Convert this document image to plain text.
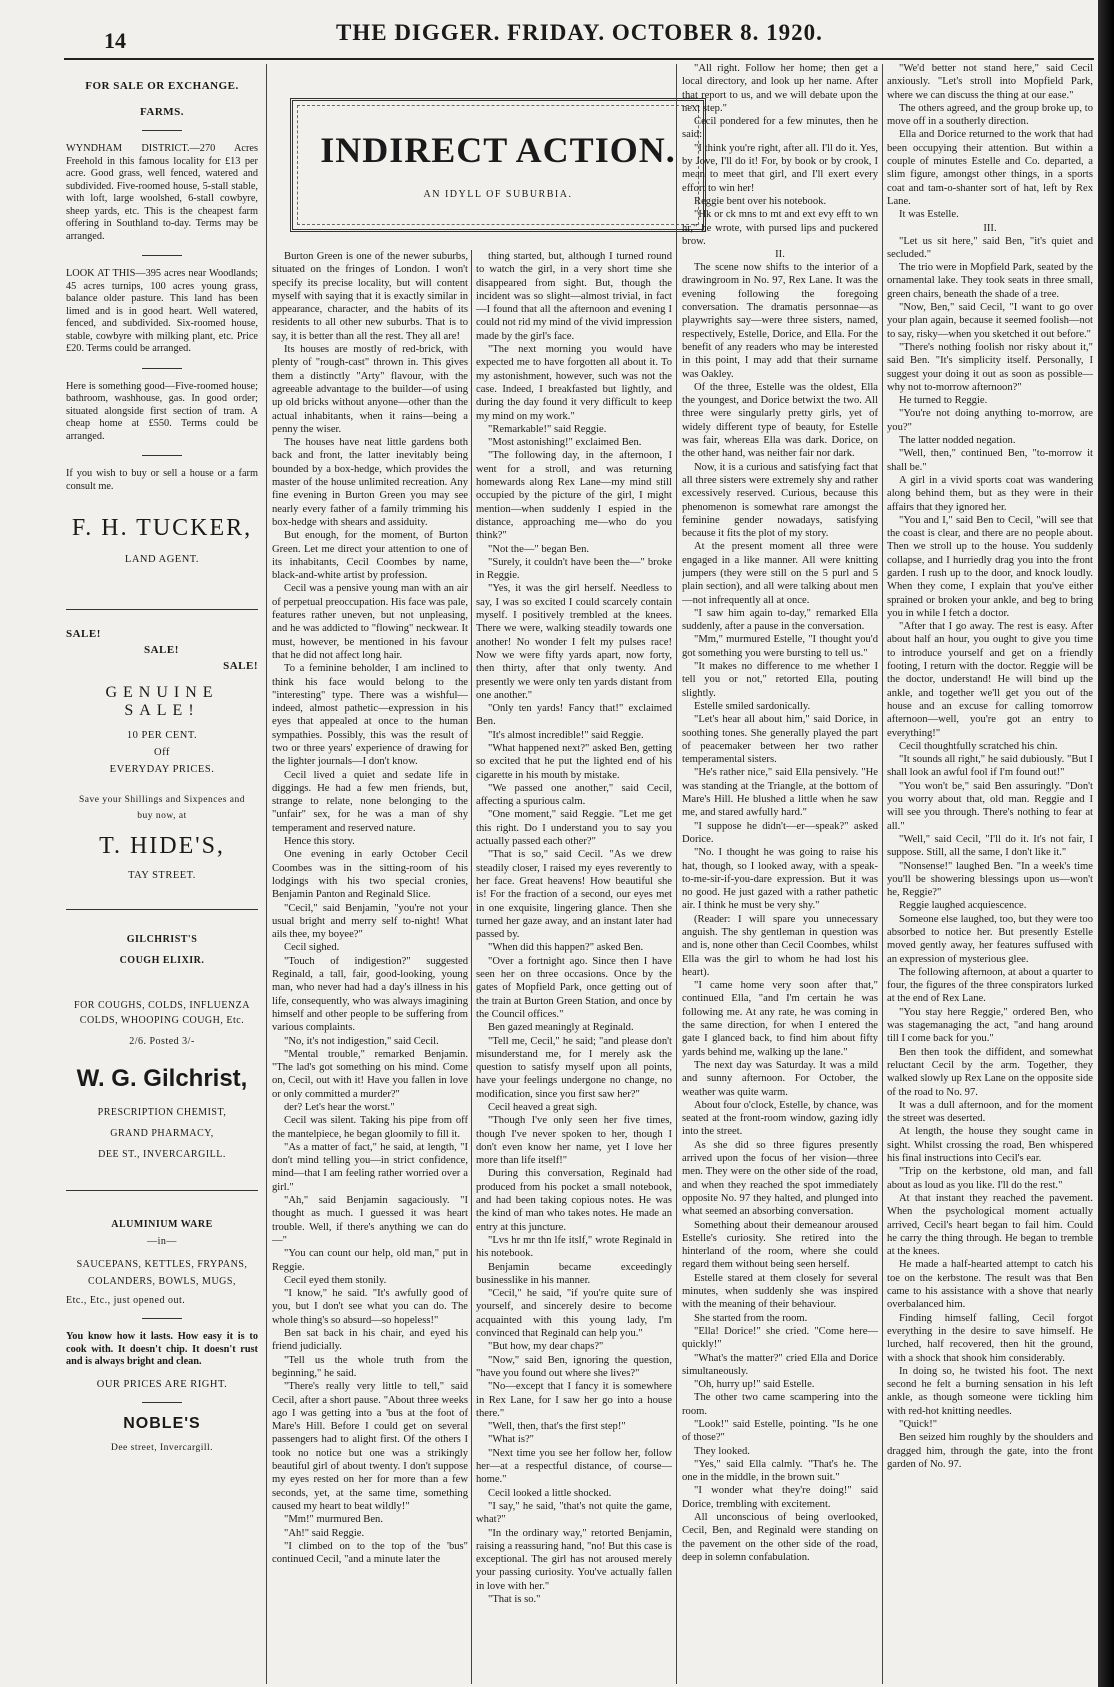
14	THE DIGGER. FRIDAY. OCTOBER 8. 1920.

FOR SALE OR EXCHANGE.

FARMS.

WYNDHAM DISTRICT.—270 Acres Freehold in this famous locality for £13 per acre. Good grass, well fenced, watered and subdivided. Five-roomed house, 5-stall stable, with loft, large woolshed, 6-stall cowbyre, sheep yards, etc. This is the cheapest farm offering in Southland to-day. Terms may be arranged.

LOOK AT THIS—395 acres near Woodlands; 45 acres turnips, 100 acres young grass, balance older pasture. This land has been limed and is in good heart. Well watered, fenced, and subdivided. Six-roomed house, stable, cowbyre with milking plant, etc. Price £20. Terms could be arranged.

Here is something good—Five-roomed house; bathroom, washhouse, gas. In good order; situated alongside first section of tram. A cheap home at £550. Terms could be arranged.

If you wish to buy or sell a house or a farm consult me.

F. H. TUCKER,

LAND AGENT.

SALE!

SALE!

SALE!

GENUINE SALE!

10 PER CENT.

Off

EVERYDAY PRICES.

Save your Shillings and Sixpences and

buy now, at

T. HIDE'S,

TAY STREET.

GILCHRIST'S

COUGH ELIXIR.

FOR COUGHS, COLDS, INFLUENZA

COLDS, WHOOPING COUGH, Etc.

2/6. Posted 3/-

W. G. Gilchrist,

PRESCRIPTION CHEMIST,

GRAND PHARMACY,

DEE ST., INVERCARGILL.

ALUMINIUM WARE

—in—

SAUCEPANS, KETTLES, FRYPANS,

COLANDERS, BOWLS, MUGS,

Etc., Etc., just opened out.

You know how it lasts. How easy it is to cook with. It doesn't chip. It doesn't rust and is always bright and clean.

OUR PRICES ARE RIGHT.

NOBLE'S

Dee street, Invercargill.

INDIRECT ACTION.
AN IDYLL OF SUBURBIA.

Burton Green is one of the newer suburbs, situated on the fringes of London. I won't specify its precise locality, but will content myself with saying that it is exactly similar in appearance, character, and the habits of its residents to all other new suburbs. That is to say, it is better than all the rest. They all are!

Its houses are mostly of red-brick, with plenty of "rough-cast" thrown in. This gives them a distinctly "Arty" flavour, with the agreeable advantage to the builder—of using up old bricks without anyone—other than the actual inhabitants, when it rains—being a penny the wiser.

The houses have neat little gardens both back and front, the latter inevitably being bounded by a box-hedge, which provides the master of the house unlimited recreation. Any fine evening in Burton Green you may see nearly every father of a family trimming his box-hedge with shears and assiduity.

But enough, for the moment, of Burton Green. Let me direct your attention to one of its inhabitants, Cecil Coombes by name, black-and-white artist by profession.

Cecil was a pensive young man with an air of perpetual preoccupation. His face was pale, features rather uneven, but not unpleasing, and he was addicted to "flowing" neckwear. It must, however, be mentioned in his favour that he did not affect long hair.

To a feminine beholder, I am inclined to think his face would belong to the "interesting" type. There was a wishful—indeed, almost pathetic—expression in his eyes that appealed at once to the human sympathies. Possibly, this was the result of two or three years' experience of drawing for the lighter journals—I don't know.

Cecil lived a quiet and sedate life in diggings. He had a few men friends, but, strange to relate, none belonging to the "unfair" sex, for he was a man of shy temperament and reserved nature.

Hence this story.

One evening in early October Cecil Coombes was in the sitting-room of his lodgings with his two special cronies, Benjamin Panton and Reginald Slice.

"Cecil," said Benjamin, "you're not your usual bright and merry self to-night! What ails thee, my boyee?"

Cecil sighed.

"Touch of indigestion?" suggested Reginald, a tall, fair, good-looking, young man, who never had had a day's illness in his life, consequently, who was always imagining himself and other people to be suffering from various complaints.

"No, it's not indigestion," said Cecil.

"Mental trouble," remarked Benjamin. "The lad's got something on his mind. Come on, Cecil, out with it! Have you fallen in love or only committed a murder?"

der? Let's hear the worst."

Cecil was silent. Taking his pipe from off the mantelpiece, he began gloomily to fill it.

"As a matter of fact," he said, at length, "I don't mind telling you—in strict confidence, mind—that I am feeling rather worried over a girl."

"Ah," said Benjamin sagaciously. "I thought as much. I guessed it was heart trouble. Well, if there's anything we can do—"

"You can count our help, old man," put in Reggie.

Cecil eyed them stonily.

"I know," he said. "It's awfully good of you, but I don't see what you can do. The whole thing's so absurd—so hopeless!"

Ben sat back in his chair, and eyed his friend judicially.

"Tell us the whole truth from the beginning," he said.

"There's really very little to tell," said Cecil, after a short pause. "About three weeks ago I was getting into a 'bus at the foot of Mare's Hill. Before I could get on several passengers had to alight first. Of the others I took no notice but one was a strikingly beautiful girl of about twenty. I don't suppose my eyes rested on her for more than a few seconds, yet, at the same time, something caused my heart to beat wildly!"

"Mm!" murmured Ben.

"Ah!" said Reggie.

"I climbed on to the top of the 'bus" continued Cecil, "and a minute later the

thing started, but, although I turned round to watch the girl, in a very short time she disappeared from sight. But, though the incident was so slight—almost trivial, in fact—I found that all the afternoon and evening I could not rid my mind of the vivid impression made by the girl's face.

"The next morning you would have expected me to have forgotten all about it. To my astonishment, however, such was not the case. Indeed, I breakfasted but lightly, and during the day found it very difficult to keep my mind on my work."

"Remarkable!" said Reggie.

"Most astonishing!" exclaimed Ben.

"The following day, in the afternoon, I went for a stroll, and was returning homewards along Rex Lane—my mind still occupied by the picture of the girl, I might mention—when suddenly I espied in the distance, approaching me—who do you think?"

"Not the—" began Ben.

"Surely, it couldn't have been the—" broke in Reggie.

"Yes, it was the girl herself. Needless to say, I was so excited I could scarcely contain myself. I positively trembled at the knees. There we were, walking steadily towards one another! No wonder I felt my pulses race! Now we were fifty yards apart, now forty, then thirty, after that only twenty. And presently we were only ten yards distant from one another."

"Only ten yards! Fancy that!" exclaimed Ben.

"It's almost incredible!" said Reggie.

"What happened next?" asked Ben, getting so excited that he put the lighted end of his cigarette in his mouth by mistake.

"We passed one another," said Cecil, affecting a spurious calm.

"One moment," said Reggie. "Let me get this right. Do I understand you to say you actually passed each other?"

"That is so," said Cecil. "As we drew steadily closer, I raised my eyes reverently to her face. Great heavens! How beautiful she is! For the fraction of a second, our eyes met in one exquisite, lingering glance. Then she turned her gaze away, and an instant later had passed by.

"When did this happen?" asked Ben.

"Over a fortnight ago. Since then I have seen her on three occasions. Once by the gates of Mopfield Park, once getting out of the train at Burton Green Station, and once by the Council offices."

Ben gazed meaningly at Reginald.

"Tell me, Cecil," he said; "and please don't misunderstand me, for I merely ask the question to satisfy myself upon all points, have your feelings undergone no change, no modification, since you first saw her?"

Cecil heaved a great sigh.

"Though I've only seen her five times, though I've never spoken to her, though I don't even know her name, yet I love her more than life itself!"

During this conversation, Reginald had produced from his pocket a small notebook, and had been taking copious notes. He was the kind of man who takes notes. He made an entry at this juncture.

"Lvs hr mr thn lfe itslf," wrote Reginald in his notebook.

Benjamin became exceedingly businesslike in his manner.

"Cecil," he said, "if you're quite sure of yourself, and sincerely desire to become acquainted with this young lady, I'm convinced that Reginald can help you."

"But how, my dear chaps?"

"Now," said Ben, ignoring the question, "have you found out where she lives?"

"No—except that I fancy it is somewhere in Rex Lane, for I saw her go into a house there."

"Well, then, that's the first step!"

"What is?"

"Next time you see her follow her, follow her—at a respectful distance, of course—home."

Cecil looked a little shocked.

"I say," he said, "that's not quite the game, what?"

"In the ordinary way," retorted Benjamin, raising a reassuring hand, "no! But this case is exceptional. The girl has not aroused merely your passing curiosity. You've actually fallen in love with her."

"That is so."

"All right. Follow her home; then get a local directory, and look up her name. After that report to us, and we will debate upon the next step."

Cecil pondered for a few minutes, then he said:

"I think you're right, after all. I'll do it. Yes, by Jove, I'll do it! For, by book or by crook, I mean to meet that girl, and I'll exert every effort to win her!

Reggie bent over his notebook.

"Hk or ck mns to mt and ext evy efft to wn hr," he wrote, with pursed lips and puckered brow.

II.

The scene now shifts to the interior of a drawingroom in No. 97, Rex Lane. It was the evening following the foregoing conversation. The dramatis personnae—as playwrights say—were three sisters, named, respectively, Estelle, Dorice, and Ella. For the benefit of any readers who may be interested in this point, I may add that their surname was Oakley.

Of the three, Estelle was the oldest, Ella the youngest, and Dorice betwixt the two. All three were singularly pretty girls, yet of widely different type of beauty, for Estelle was fair, whereas Ella was dark. Dorice, on the other hand, was neither fair nor dark.

Now, it is a curious and satisfying fact that all three sisters were extremely shy and rather excessively reserved. Curious, because this phenomenon is somewhat rare amongst the feminine gender nowadays, satisfying because it fits the plot of my story.

At the present moment all three were engaged in a like manner. All were knitting jumpers (they were still on the 5 purl and 5 plain section), and all were talking about men—not infrequently all at once.

"I saw him again to-day," remarked Ella suddenly, after a pause in the conversation.

"Mm," murmured Estelle, "I thought you'd got something you were bursting to tell us."

"It makes no difference to me whether I tell you or not," retorted Ella, pouting slightly.

Estelle smiled sardonically.

"Let's hear all about him," said Dorice, in soothing tones. She generally played the part of peacemaker between her two rather temperamental sisters.

"He's rather nice," said Ella pensively. "He was standing at the Triangle, at the bottom of Mare's Hill. He blushed a little when he saw me, and stared awfully hard."

"I suppose he didn't—er—speak?" asked Dorice.

"No. I thought he was going to raise his hat, though, so I looked away, with a speak-to-me-sir-if-you-dare expression. But it was no good. He just gazed with a rather pathetic air. I think he must be very shy."

(Reader: I will spare you unnecessary anguish. The shy gentleman in question was and is, none other than Cecil Coombes, whilst Ella was the girl to whom he had lost his heart).

"I came home very soon after that," continued Ella, "and I'm certain he was following me. At any rate, he was coming in the same direction, for when I entered the gate I glanced back, to find him about fifty yards behind me, walking up the lane."

The next day was Saturday. It was a mild and sunny afternoon. For October, the weather was quite warm.

About four o'clock, Estelle, by chance, was seated at the front-room window, gazing idly into the street.

As she did so three figures presently arrived upon the focus of her vision—three men. They were on the other side of the road, and when they reached the spot immediately opposite No. 97 they halted, and plunged into what seemed an absorbing conversation.

Something about their demeanour aroused Estelle's curiosity. She retired into the hinterland of the room, where she could regard them without being seen herself.

Estelle stared at them closely for several minutes, when suddenly she was inspired with the meaning of their behaviour.

She started from the room.

"Ella! Dorice!" she cried. "Come here—quickly!"

"What's the matter?" cried Ella and Dorice simultaneously.

"Oh, hurry up!" said Estelle.

The other two came scampering into the room.

"Look!" said Estelle, pointing. "Is he one of those?"

They looked.

"Yes," said Ella calmly. "That's he. The one in the middle, in the brown suit."

"I wonder what they're doing!" said Dorice, trembling with excitement.

All unconscious of being overlooked, Cecil, Ben, and Reginald were standing on the pavement on the other side of the road, deep in solemn confabulation.

"We'd better not stand here," said Cecil anxiously. "Let's stroll into Mopfield Park, where we can discuss the thing at our ease."

The others agreed, and the group broke up, to move off in a southerly direction.

Ella and Dorice returned to the work that had been occupying their attention. But within a couple of minutes Estelle and Co. departed, a slim figure, amongst other things, in a sports coat and tam-o-shanter sort of hat, left by Rex Lane.

It was Estelle.

III.

"Let us sit here," said Ben, "it's quiet and secluded."

The trio were in Mopfield Park, seated by the ornamental lake. They took seats in three small, green chairs, beneath the shade of a tree.

"Now, Ben," said Cecil, "I want to go over your plan again, because it seemed foolish—not to say, risky—when you sketched it out before."

"There's nothing foolish nor risky about it," said Ben. "It's simplicity itself. Personally, I suggest your doing it out as soon as possible—why not to-morrow afternoon?"

He turned to Reggie.

"You're not doing anything to-morrow, are you?"

The latter nodded negation.

"Well, then," continued Ben, "to-morrow it shall be."

A girl in a vivid sports coat was wandering along behind them, but as they were in their affairs that they ignored her.

"You and I," said Ben to Cecil, "will see that the coast is clear, and there are no people about. Then we stroll up to the house. You suddenly collapse, and I hurriedly drag you into the front garden. I rush up to the door, and knock loudly. When they come, I explain that you've either sprained or broken your ankle, and beg to bring you in while I fetch a doctor.

"After that I go away. The rest is easy. After about half an hour, you ought to give you time to introduce yourself and get on a friendly footing, I return with the doctor. Reggie will be the doctor, understand! He will bind up the ankle, and together we'll get you out of the house and an excuse for calling tomorrow afternoon—well, you're got an entry to everything!"

Cecil thoughtfully scratched his chin.

"It sounds all right," he said dubiously. "But I shall look an awful fool if I'm found out!"

"You won't be," said Ben assuringly. "Don't you worry about that, old man. Reggie and I will see you through. There's nothing to fear at all."

"Well," said Cecil, "I'll do it. It's not fair, I suppose. Still, all the same, I don't like it."

"Nonsense!" laughed Ben. "In a week's time you'll be showering blessings upon us—won't he, Reggie?"

Reggie laughed acquiescence.

Someone else laughed, too, but they were too absorbed to notice her. But presently Estelle moved gently away, her features suffused with an expression of mysterious glee.

The following afternoon, at about a quarter to four, the figures of the three conspirators lurked at the end of Rex Lane.

"You stay here Reggie," ordered Ben, who was stagemanaging the act, "and hang around till I come back for you."

Ben then took the diffident, and somewhat reluctant Cecil by the arm. Together, they walked slowly up Rex Lane on the opposite side of the road to No. 97.

It was a dull afternoon, and for the moment the street was deserted.

At length, the house they sought came in sight. Whilst crossing the road, Ben whispered his final instructions into Cecil's ear.

"Trip on the kerbstone, old man, and fall about as loud as you like. I'll do the rest."

At that instant they reached the pavement. When the psychological moment actually arrived, Cecil's heart began to fail him. Could he carry the thing through. He began to tremble at the knees.

He made a half-hearted attempt to catch his toe on the kerbstone. The result was that Ben came to his assistance with a shove that nearly overbalanced him.

Finding himself falling, Cecil forgot everything in the desire to save himself. He lurched, half recovered, then hit the ground, with a shock that shook him considerably.

In doing so, he twisted his foot. The next second he felt a burning sensation in his left ankle, as though someone were tickling him with red-hot knitting needles.

"Quick!"

Ben seized him roughly by the shoulders and dragged him, through the gate, into the front garden of No. 97.
